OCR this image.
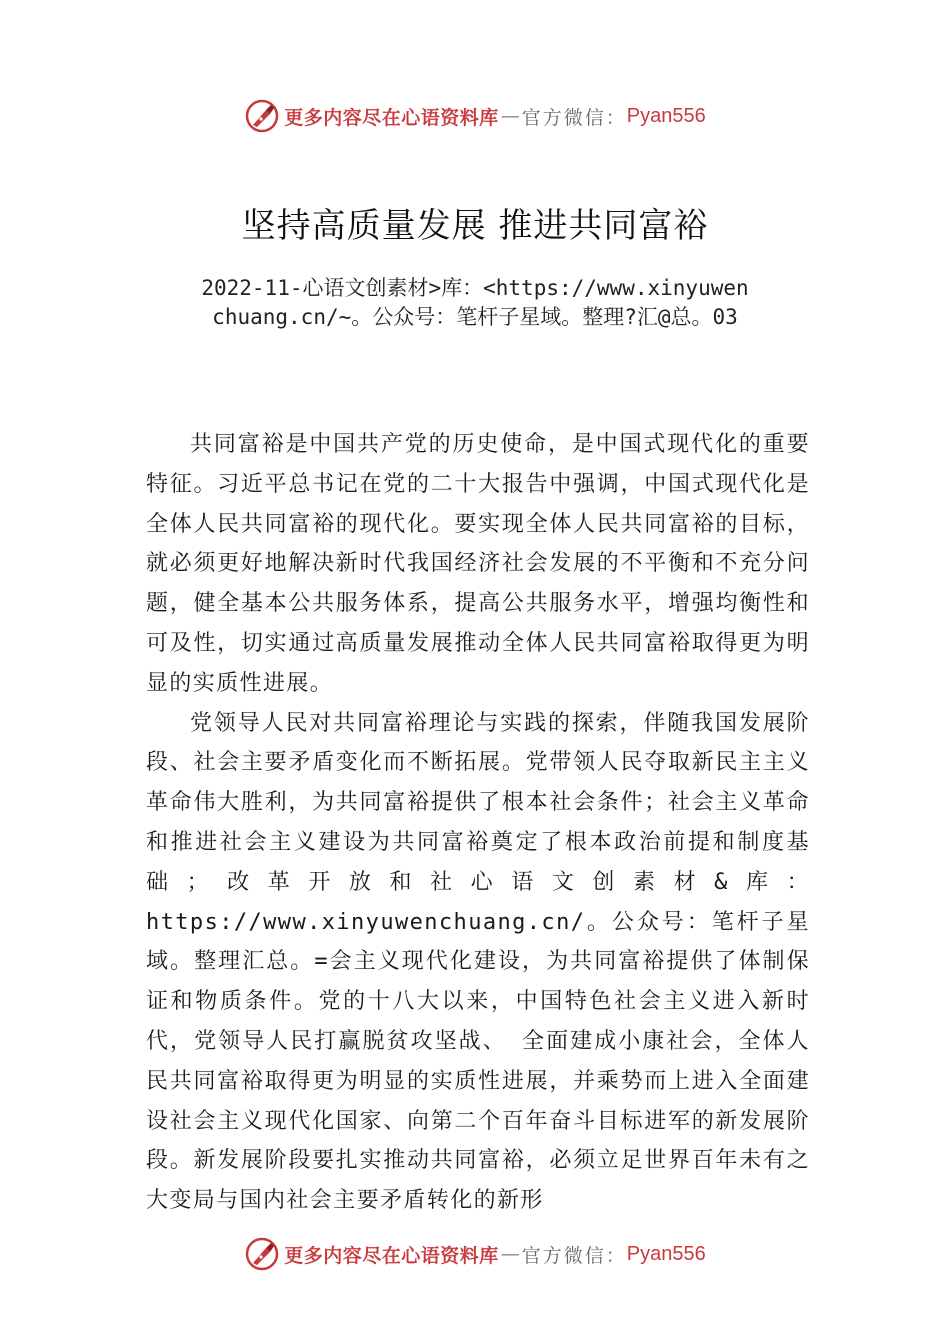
更多内容尽在心语资料库 — 官方微信： Pyan556
坚持高质量发展 推进共同富裕

2022-11-心语文创素材>库：<https://www.xinyuwenchuang.cn/~。公众号：笔杆子星域。整理?汇@总。03

共同富裕是中国共产党的历史使命，是中国式现代化的重要特征。习近平总书记在党的二十大报告中强调，中国式现代化是全体人民共同富裕的现代化。要实现全体人民共同富裕的目标，就必须更好地解决新时代我国经济社会发展的不平衡和不充分问题，健全基本公共服务体系，提高公共服务水平，增强均衡性和可及性，切实通过高质量发展推动全体人民共同富裕取得更为明显的实质性进展。

党领导人民对共同富裕理论与实践的探索，伴随我国发展阶段、社会主要矛盾变化而不断拓展。党带领人民夺取新民主主义革命伟大胜利，为共同富裕提供了根本社会条件；社会主义革命和推进社会主义建设为共同富裕奠定了根本政治前提和制度基础；改革开放和社心语文创素材&库：https://www.xinyuwenchuang.cn/。公众号：笔杆子星域。整理汇总。=会主义现代化建设，为共同富裕提供了体制保证和物质条件。党的十八大以来，中国特色社会主义进入新时代，党领导人民打赢脱贫攻坚战、 全面建成小康社会，全体人民共同富裕取得更为明显的实质性进展，并乘势而上进入全面建设社会主义现代化国家、向第二个百年奋斗目标进军的新发展阶段。新发展阶段要扎实推动共同富裕，必须立足世界百年未有之大变局与国内社会主要矛盾转化的新形

更多内容尽在心语资料库 — 官方微信： Pyan556
